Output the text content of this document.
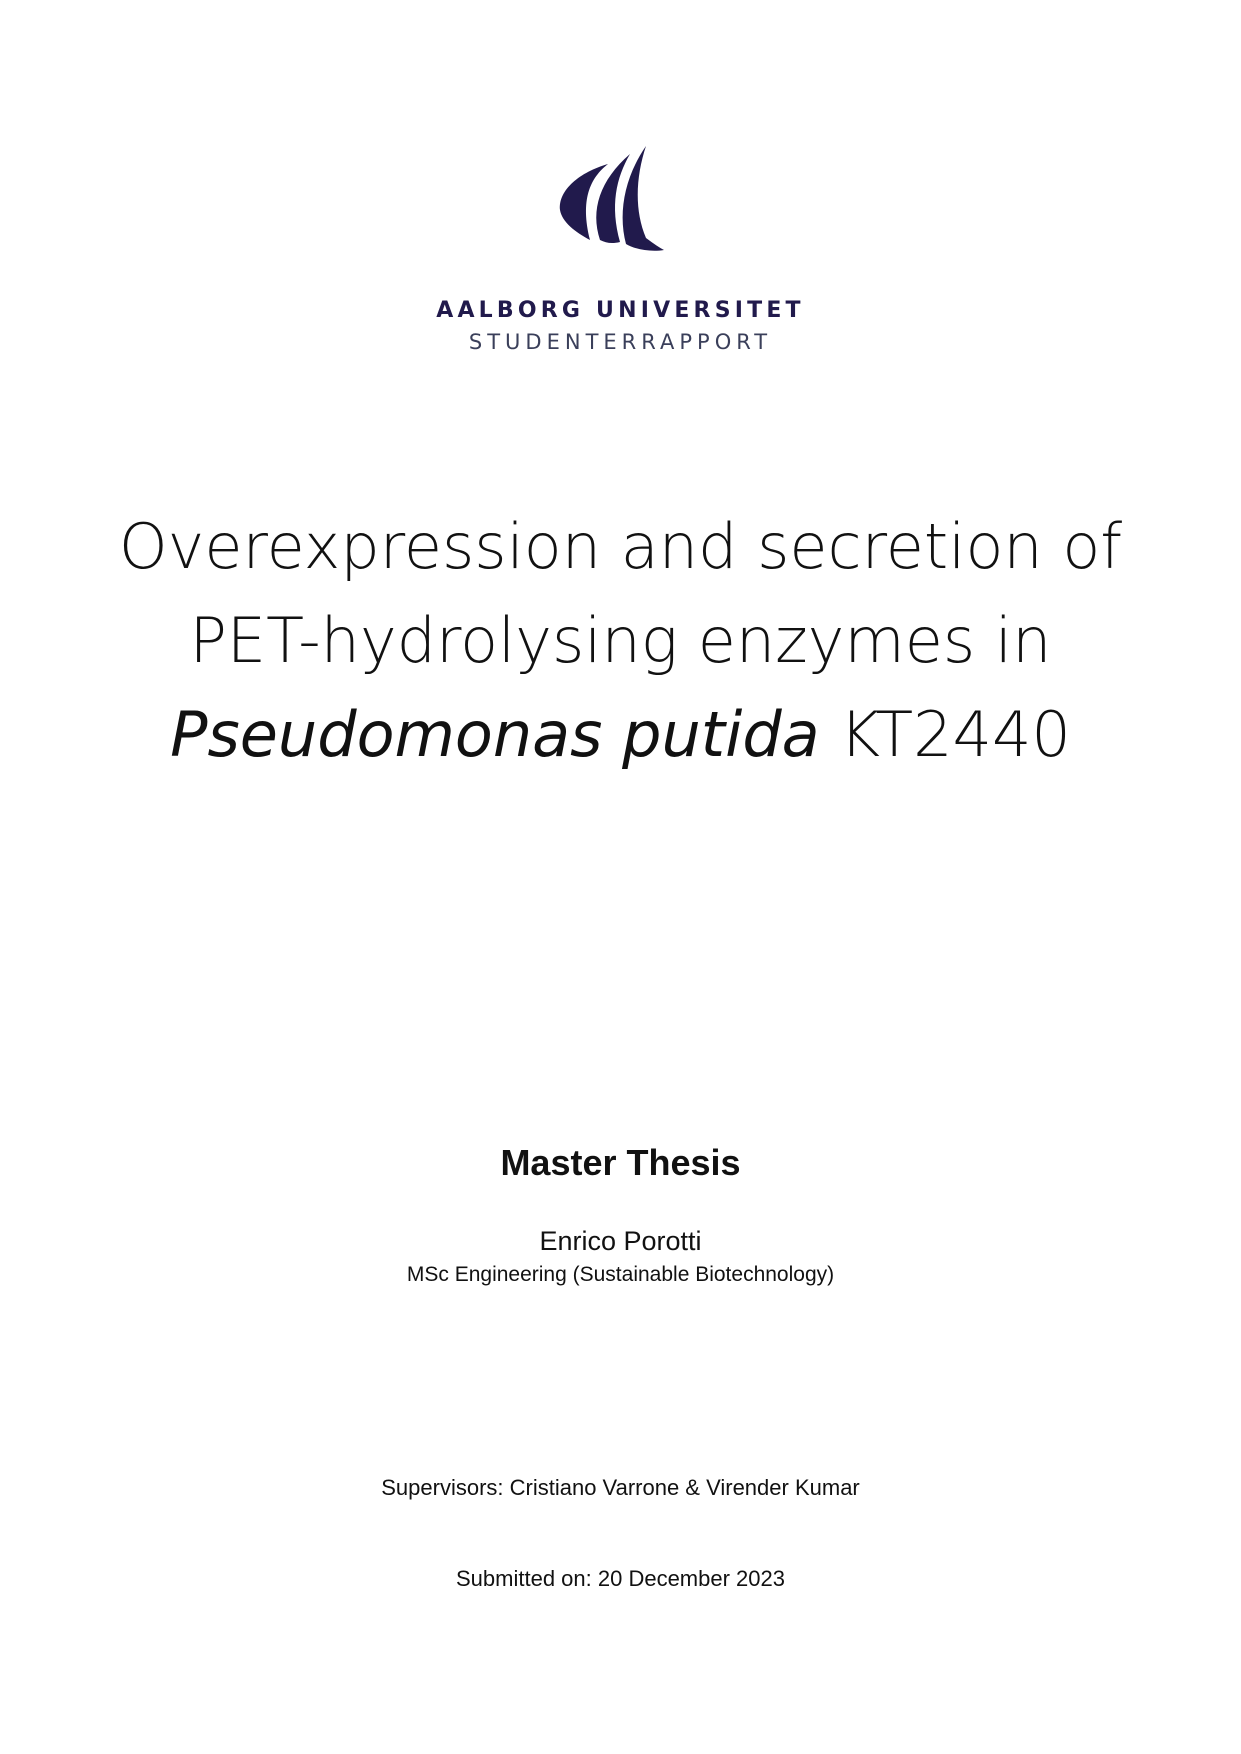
AALBORG UNIVERSITET
STUDENTERRAPPORT
Overexpression and secretion of
PET-hydrolysing enzymes in
Pseudomonas putida KT2440
Master Thesis
Enrico Porotti
MSc Engineering (Sustainable Biotechnology)
Supervisors: Cristiano Varrone & Virender Kumar
Submitted on: 20 December 2023
